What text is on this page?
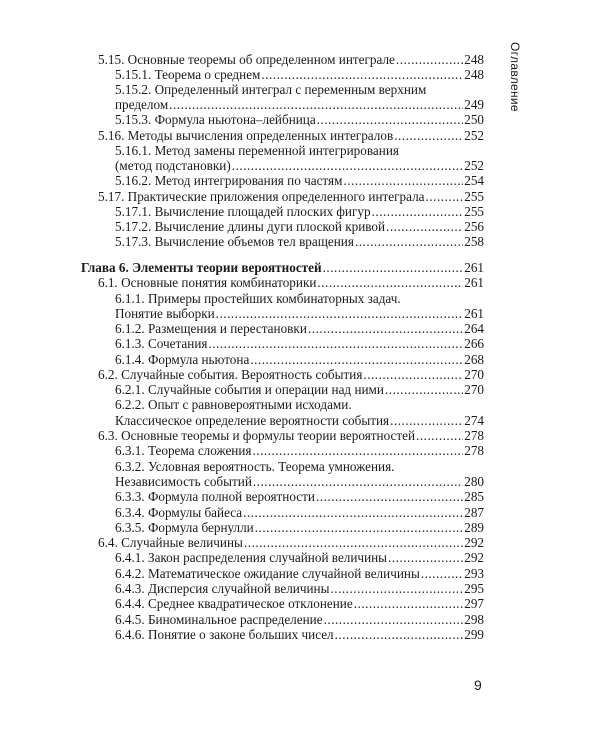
5.15. Основные теоремы об определенном интеграле .....	248
5.15.1. Теорема о среднем .....	248
5.15.2. Определенный интеграл с переменным верхним
пределом .....	249
5.15.3. Формула ньютона–лейбница .....	250
5.16. Методы вычисления определенных интегралов .....	252
5.16.1. Метод замены переменной интегрирования
(метод подстановки) .....	252
5.16.2. Метод интегрирования по частям .....	254
5.17. Практические приложения определенного интеграла .....	255
5.17.1. Вычисление площадей плоских фигур .....	255
5.17.2. Вычисление длины дуги плоской кривой .....	256
5.17.3. Вычисление объемов тел вращения .....	258
Глава 6. Элементы теории вероятностей .....	261
6.1. Основные понятия комбинаторики .....	261
6.1.1. Примеры простейших комбинаторных задач.
Понятие выборки .....	261
6.1.2. Размещения и перестановки .....	264
6.1.3. Сочетания .....	266
6.1.4. Формула ньютона .....	268
6.2. Случайные события. Вероятность события .....	270
6.2.1. Случайные события и операции над ними .....	270
6.2.2. Опыт с равновероятными исходами.
Классическое определение вероятности события .....	274
6.3. Основные теоремы и формулы теории вероятностей .....	278
6.3.1. Теорема сложения .....	278
6.3.2. Условная вероятность. Теорема умножения.
Независимость событий .....	280
6.3.3. Формула полной вероятности .....	285
6.3.4. Формулы байеса .....	287
6.3.5. Формула бернулли .....	289
6.4. Случайные величины .....	292
6.4.1. Закон распределения случайной величины .....	292
6.4.2. Математическое ожидание случайной величины .....	293
6.4.3. Дисперсия случайной величины .....	295
6.4.4. Среднее квадратическое отклонение .....	297
6.4.5. Биноминальное распределение .....	298
6.4.6. Понятие о законе больших чисел .....	299
Оглавление
9
